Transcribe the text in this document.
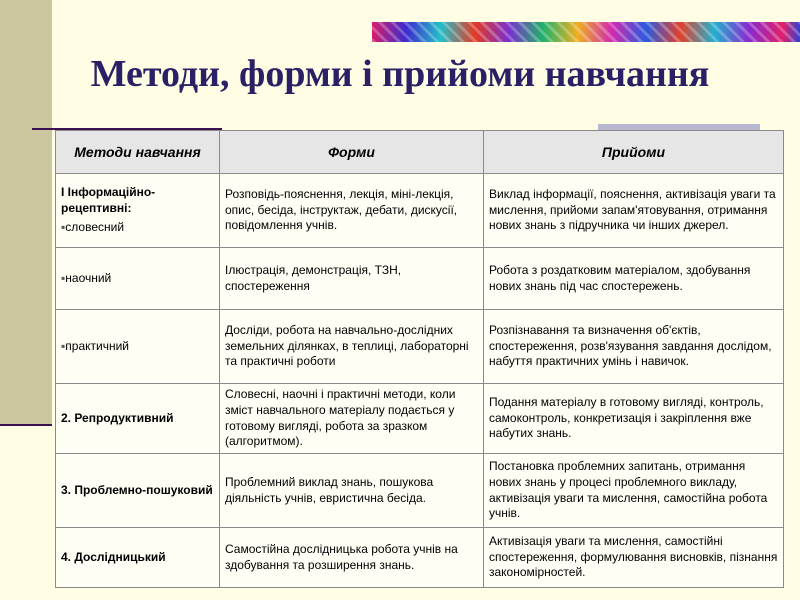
Методи, форми і прийоми навчання
Методи навчання	Форми	Прийоми

І Інформаційно-рецептивні:
▪словесний	Розповідь-пояснення, лекція, міні-лекція, опис, бесіда, інструктаж, дебати, дискусії, повідомлення учнів.	Виклад інформації, пояснення, активізація уваги та мислення, прийоми запам'ятовування, отримання нових знань з підручника чи інших джерел.
▪наочний	Ілюстрація, демонстрація, ТЗН, спостереження	Робота з роздатковим матеріалом, здобування нових знань під час спостережень.
▪практичний	Досліди, робота на навчально-дослідних земельних ділянках, в теплиці, лабораторні та практичні роботи	Розпізнавання та визначення об'єктів, спостереження, розв'язування завдання дослідом, набуття практичних умінь і навичок.
2. Репродуктивний	Словесні, наочні і практичні методи, коли зміст навчального матеріалу подається у готовому вигляді, робота за зразком (алгоритмом).	Подання матеріалу в готовому вигляді, контроль, самоконтроль, конкретизація і закріплення вже набутих знань.
3. Проблемно-пошуковий	Проблемний виклад знань, пошукова діяльність учнів, евристична бесіда.	Постановка проблемних запитань, отримання нових знань у процесі проблемного викладу, активізація уваги та мислення, самостійна робота учнів.
4. Дослідницький	Самостійна дослідницька робота учнів на здобування та розширення знань.	Активізація уваги та мислення, самостійні спостереження, формулювання висновків, пізнання закономірностей.
